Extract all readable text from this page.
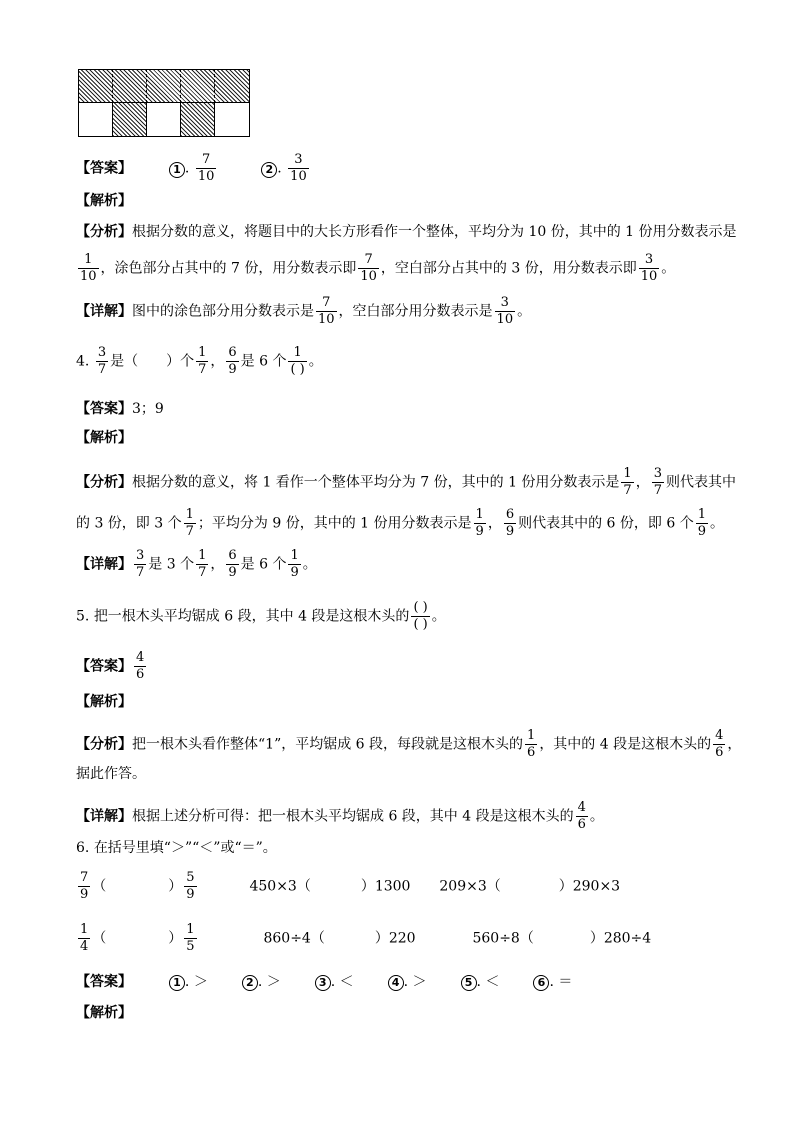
【答案】	1 . $\frac{7}{10}$	2 . $\frac{3}{10}$
【解析】
【分析】根据分数的意义，将题目中的大长方形看作一个整体，平均分为 10 份，其中的 1 份用分数表示是
$\frac{1}{10}$ ，涂色部分占其中的 7 份，用分数表示即 $\frac{7}{10}$ ，空白部分占其中的 3 份，用分数表示即 $\frac{3}{10}$ 。
【详解】图中的涂色部分用分数表示是 $\frac{7}{10}$ ，空白部分用分数表示是 $\frac{3}{10}$ 。
4. $\frac{3}{7}$ 是（　　）个 $\frac{1}{7}$ ， $\frac{6}{9}$ 是 6 个
1
( ) 。
【答案】3；9
【解析】
【分析】根据分数的意义，将 1 看作一个整体平均分为 7 份，其中的 1 份用分数表示是 $\frac{1}{7}$ ， $\frac{3}{7}$ 则代表其中
的 3 份，即 3 个 $\frac{1}{7}$ ；平均分为 9 份，其中的 1 份用分数表示是 $\frac{1}{9}$ ， $\frac{6}{9}$ 则代表其中的 6 份，即 6 个 $\frac{1}{9}$ 。
【详解】 $\frac{3}{7}$ 是 3 个 $\frac{1}{7}$ ， $\frac{6}{9}$ 是 6 个 $\frac{1}{9}$ 。
5. 把一根木头平均锯成 6 段，其中 4 段是这根木头的
( )
( ) 。
【答案】 $\frac{4}{6}$
【解析】
【分析】把一根木头看作整体“1”，平均锯成 6 段，每段就是这根木头的 $\frac{1}{6}$ ，其中的 4 段是这根木头的 $\frac{4}{6}$ ，
据此作答。
【详解】根据上述分析可得：把一根木头平均锯成 6 段，其中 4 段是这根木头的 $\frac{4}{6}$ 。
6. 在括号里填“＞”“＜”或“＝”。
$\frac{7}{9}$ （	） $\frac{5}{9}$	450×3（	）1300 209×3（	）290×3
$\frac{1}{4}$ （	） $\frac{1}{5}$	860÷4（	）220	560÷8（	）280÷4
【答案】	1 . ＞	2 . ＞	3 . ＜	4 . ＞	5 . ＜	6 . ＝
【解析】
